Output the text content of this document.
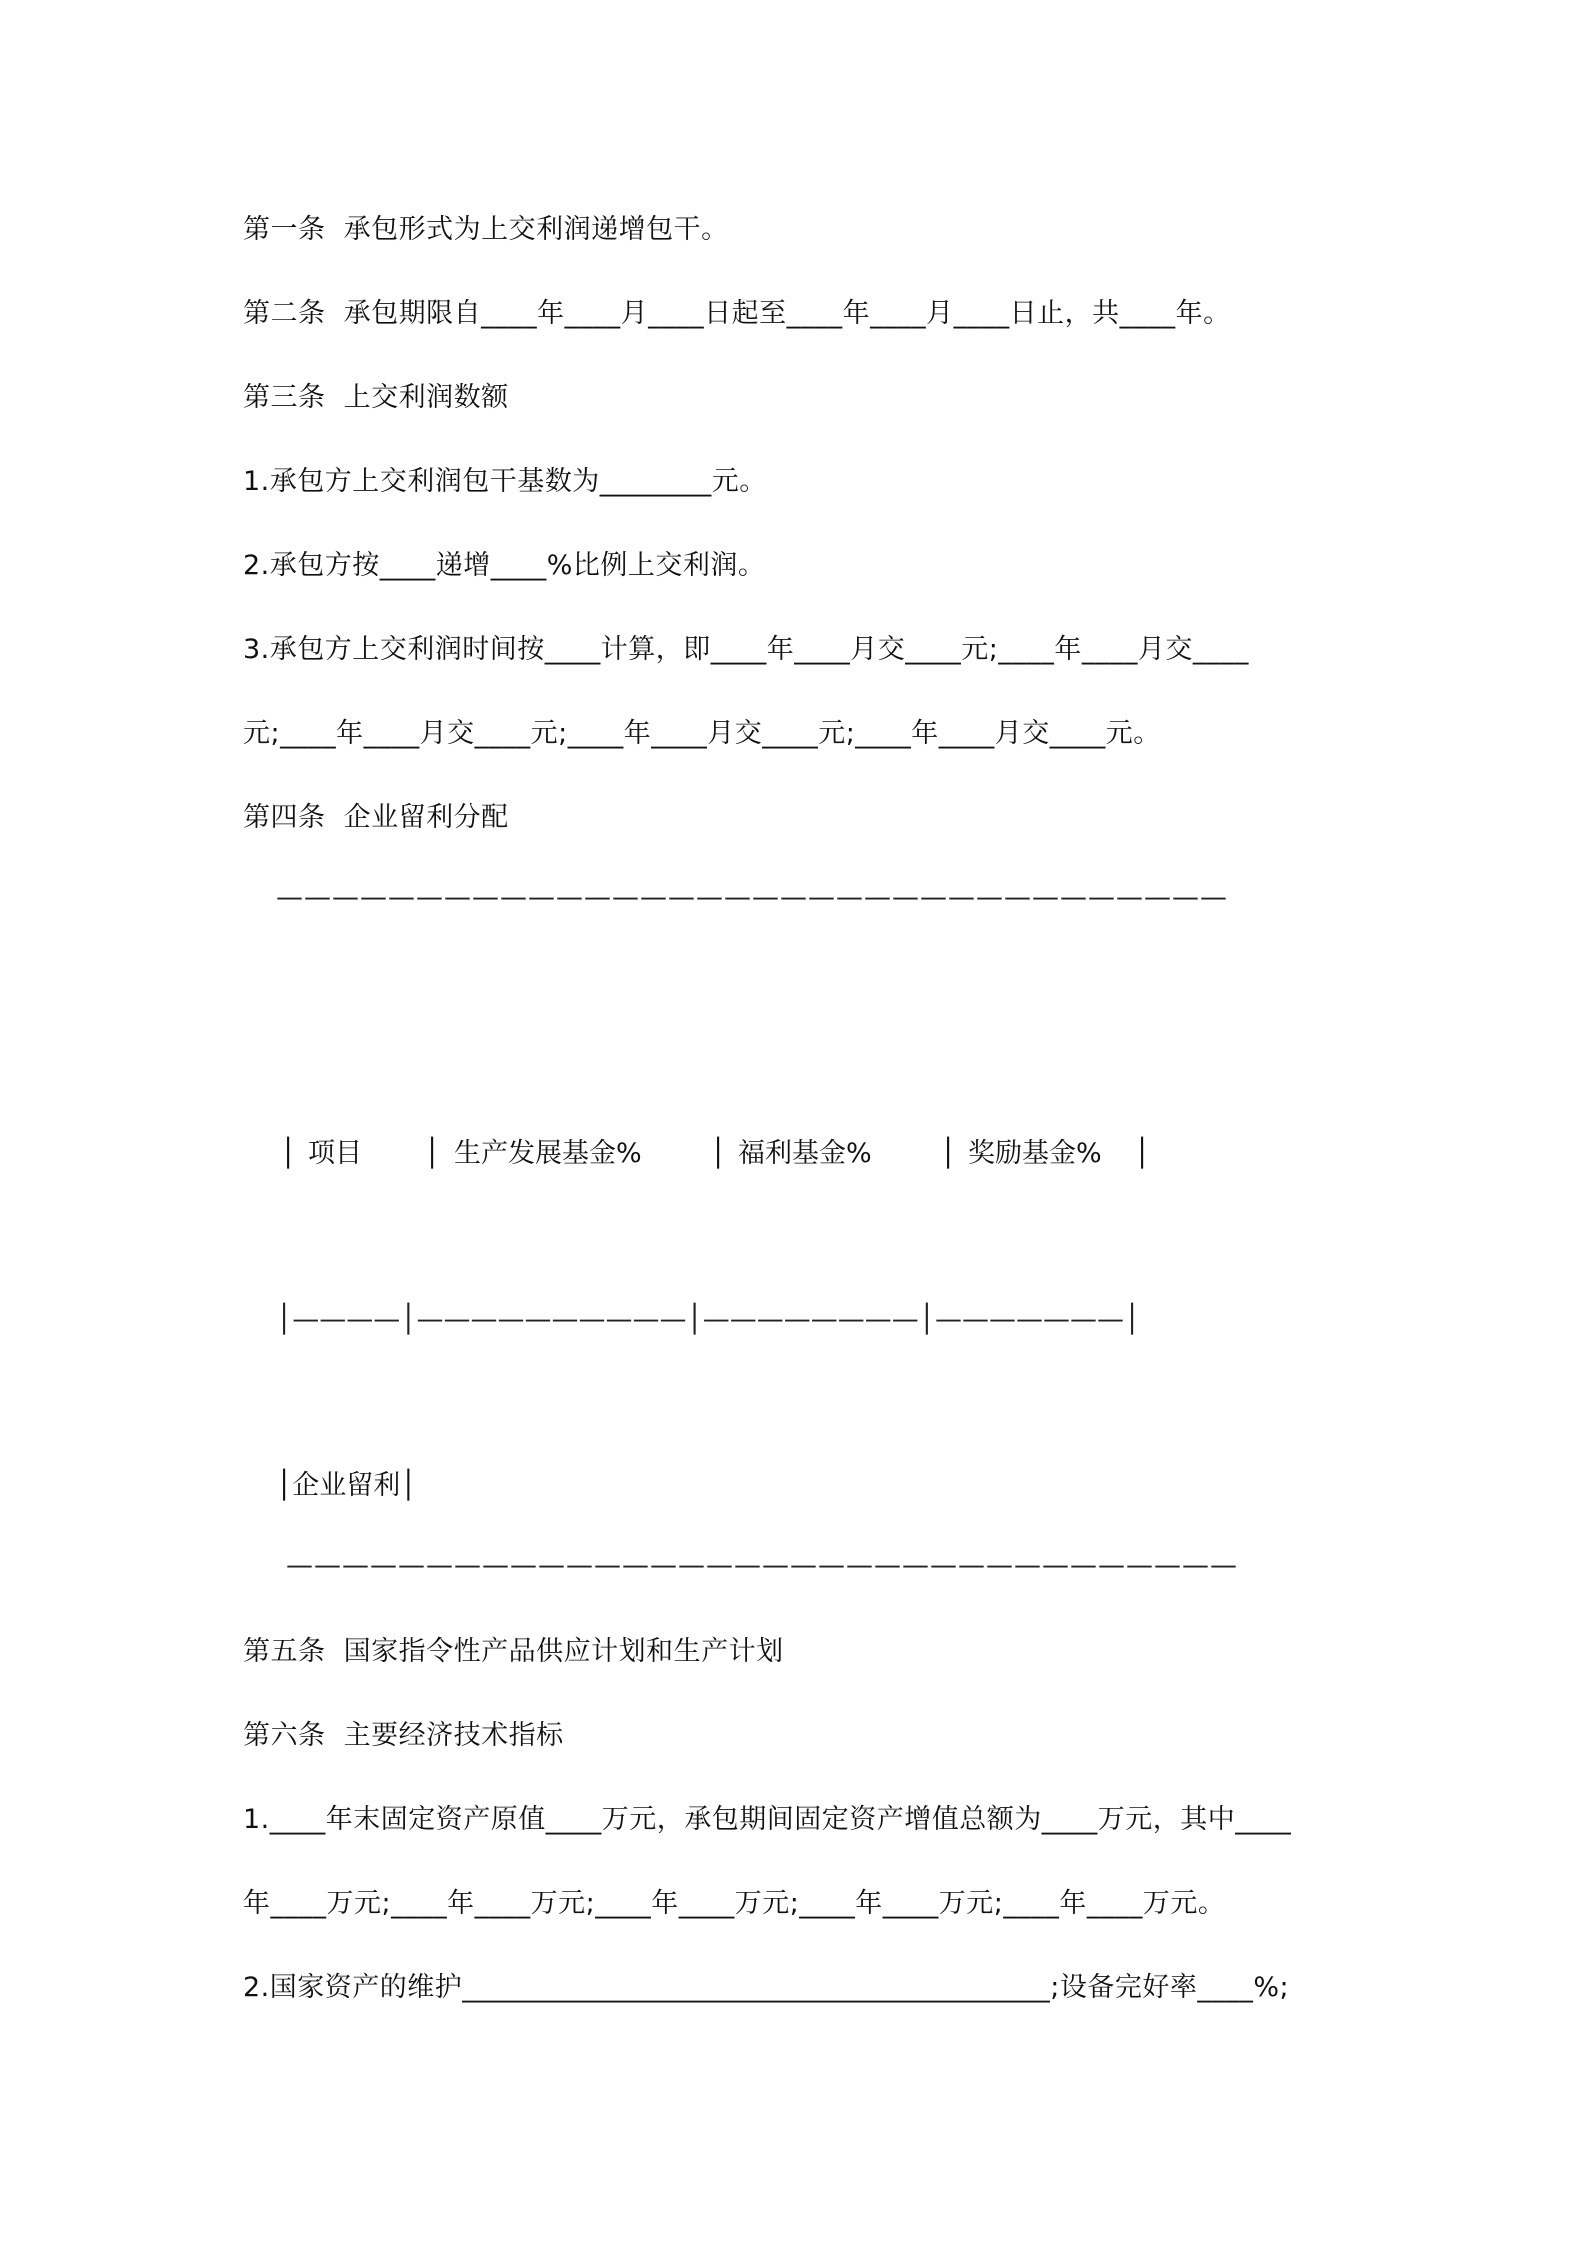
第一条  承包形式为上交利润递增包干。
第二条  承包期限自____年____月____日起至____年____月____日止，共____年。
第三条  上交利润数额
1.承包方上交利润包干基数为________元。
2.承包方按____递增____%比例上交利润。
3.承包方上交利润时间按____计算，即____年____月交____元;____年____月交____
元;____年____月交____元;____年____月交____元;____年____月交____元。
第四条  企业留利分配
——————————————————————————————————
│ 项目 │ 生产发展基金%	│ 福利基金%	│ 奖励基金% │
│————│——————————│————————│———————│
│企业留利│
——————————————————————————————————
第五条  国家指令性产品供应计划和生产计划
第六条  主要经济技术指标
1.____年末固定资产原值____万元，承包期间固定资产增值总额为____万元，其中____
年____万元;____年____万元;____年____万元;____年____万元;____年____万元。
2.国家资产的维护__________________________________________;设备完好率____%;
